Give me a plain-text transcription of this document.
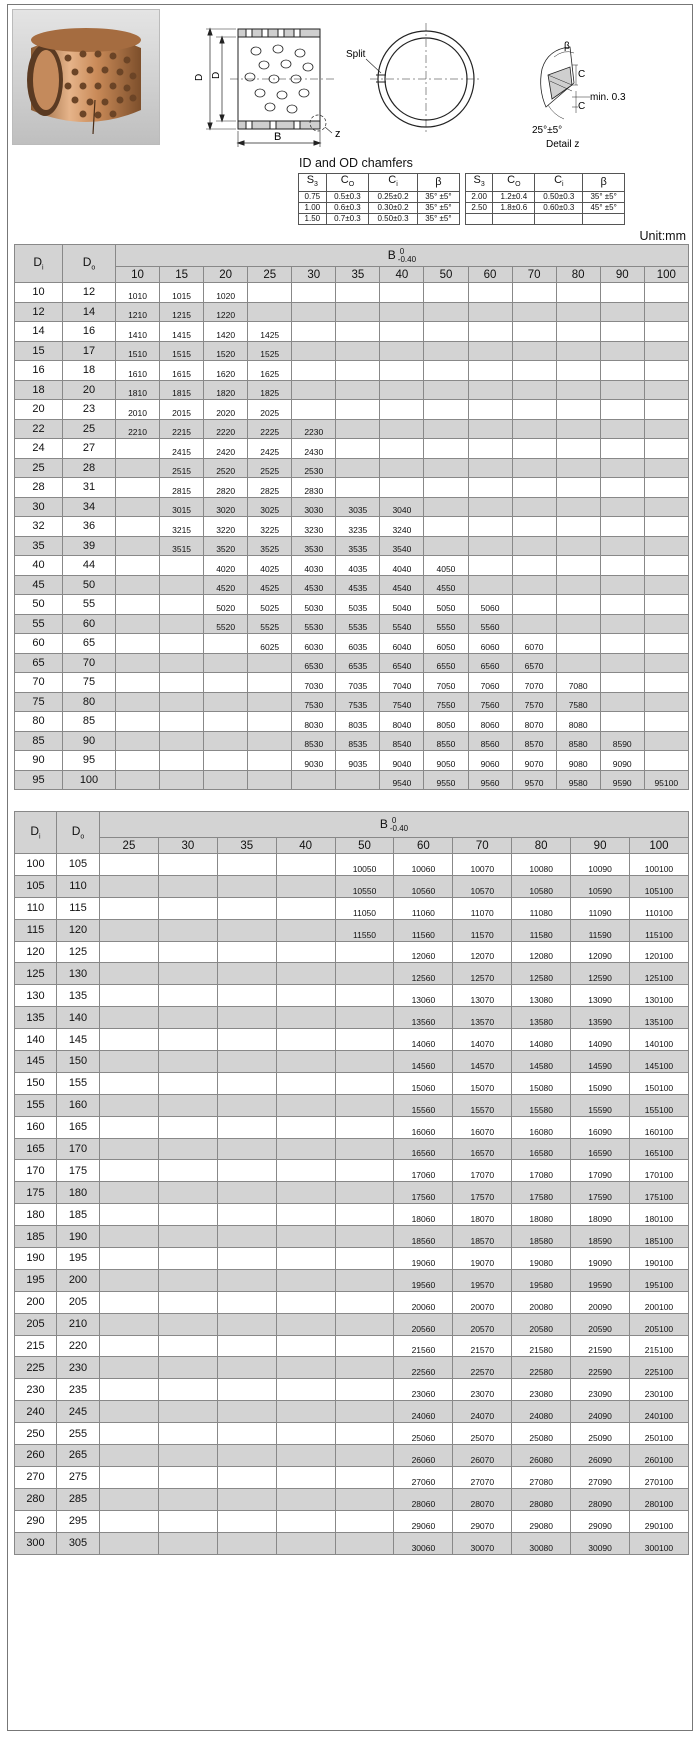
D D
B	z
Split
β
C
C
min. 0.3
25°±5°
Detail z
ID and OD chamfers
$S_3$	$C_O$	$C_i$	β
0.75	0.5±0.3	0.25±0.2	35° ±5°
1.00	0.6±0.3	0.30±0.2	35° ±5°
1.50	0.7±0.3	0.50±0.3	35° ±5°
$S_3$	$C_O$	$C_i$	β
2.00	1.2±0.4	0.50±0.3	35° ±5°
2.50	1.8±0.6	0.60±0.3	45° ±5°

Unit:mm
$D_i$	$D_o$	B 0
-0.40												

		10	15	20	25	30	35	40	50	60	70	80	90	100
10	12	1010	1015	1020										
12	14	1210	1215	1220										
14	16	1410	1415	1420	1425									
15	17	1510	1515	1520	1525									
16	18	1610	1615	1620	1625									
18	20	1810	1815	1820	1825									
20	23	2010	2015	2020	2025									
22	25	2210	2215	2220	2225	2230								
24	27		2415	2420	2425	2430								
25	28		2515	2520	2525	2530								
28	31		2815	2820	2825	2830								
30	34		3015	3020	3025	3030	3035	3040						
32	36		3215	3220	3225	3230	3235	3240						
35	39		3515	3520	3525	3530	3535	3540						
40	44			4020	4025	4030	4035	4040	4050					
45	50			4520	4525	4530	4535	4540	4550					
50	55			5020	5025	5030	5035	5040	5050	5060				
55	60			5520	5525	5530	5535	5540	5550	5560				
60	65				6025	6030	6035	6040	6050	6060	6070			
65	70					6530	6535	6540	6550	6560	6570			
70	75					7030	7035	7040	7050	7060	7070	7080		
75	80					7530	7535	7540	7550	7560	7570	7580		
80	85					8030	8035	8040	8050	8060	8070	8080		
85	90					8530	8535	8540	8550	8560	8570	8580	8590	
90	95					9030	9035	9040	9050	9060	9070	9080	9090	
95	100							9540	9550	9560	9570	9580	9590	95100
$D_i$	$D_o$	B 0
-0.40									

		25	30	35	40	50	60	70	80	90	100
100	105					10050	10060	10070	10080	10090	100100
105	110					10550	10560	10570	10580	10590	105100
110	115					11050	11060	11070	11080	11090	110100
115	120					11550	11560	11570	11580	11590	115100
120	125						12060	12070	12080	12090	120100
125	130						12560	12570	12580	12590	125100
130	135						13060	13070	13080	13090	130100
135	140						13560	13570	13580	13590	135100
140	145						14060	14070	14080	14090	140100
145	150						14560	14570	14580	14590	145100
150	155						15060	15070	15080	15090	150100
155	160						15560	15570	15580	15590	155100
160	165						16060	16070	16080	16090	160100
165	170						16560	16570	16580	16590	165100
170	175						17060	17070	17080	17090	170100
175	180						17560	17570	17580	17590	175100
180	185						18060	18070	18080	18090	180100
185	190						18560	18570	18580	18590	185100
190	195						19060	19070	19080	19090	190100
195	200						19560	19570	19580	19590	195100
200	205						20060	20070	20080	20090	200100
205	210						20560	20570	20580	20590	205100
215	220						21560	21570	21580	21590	215100
225	230						22560	22570	22580	22590	225100
230	235						23060	23070	23080	23090	230100
240	245						24060	24070	24080	24090	240100
250	255						25060	25070	25080	25090	250100
260	265						26060	26070	26080	26090	260100
270	275						27060	27070	27080	27090	270100
280	285						28060	28070	28080	28090	280100
290	295						29060	29070	29080	29090	290100
300	305						30060	30070	30080	30090	300100
